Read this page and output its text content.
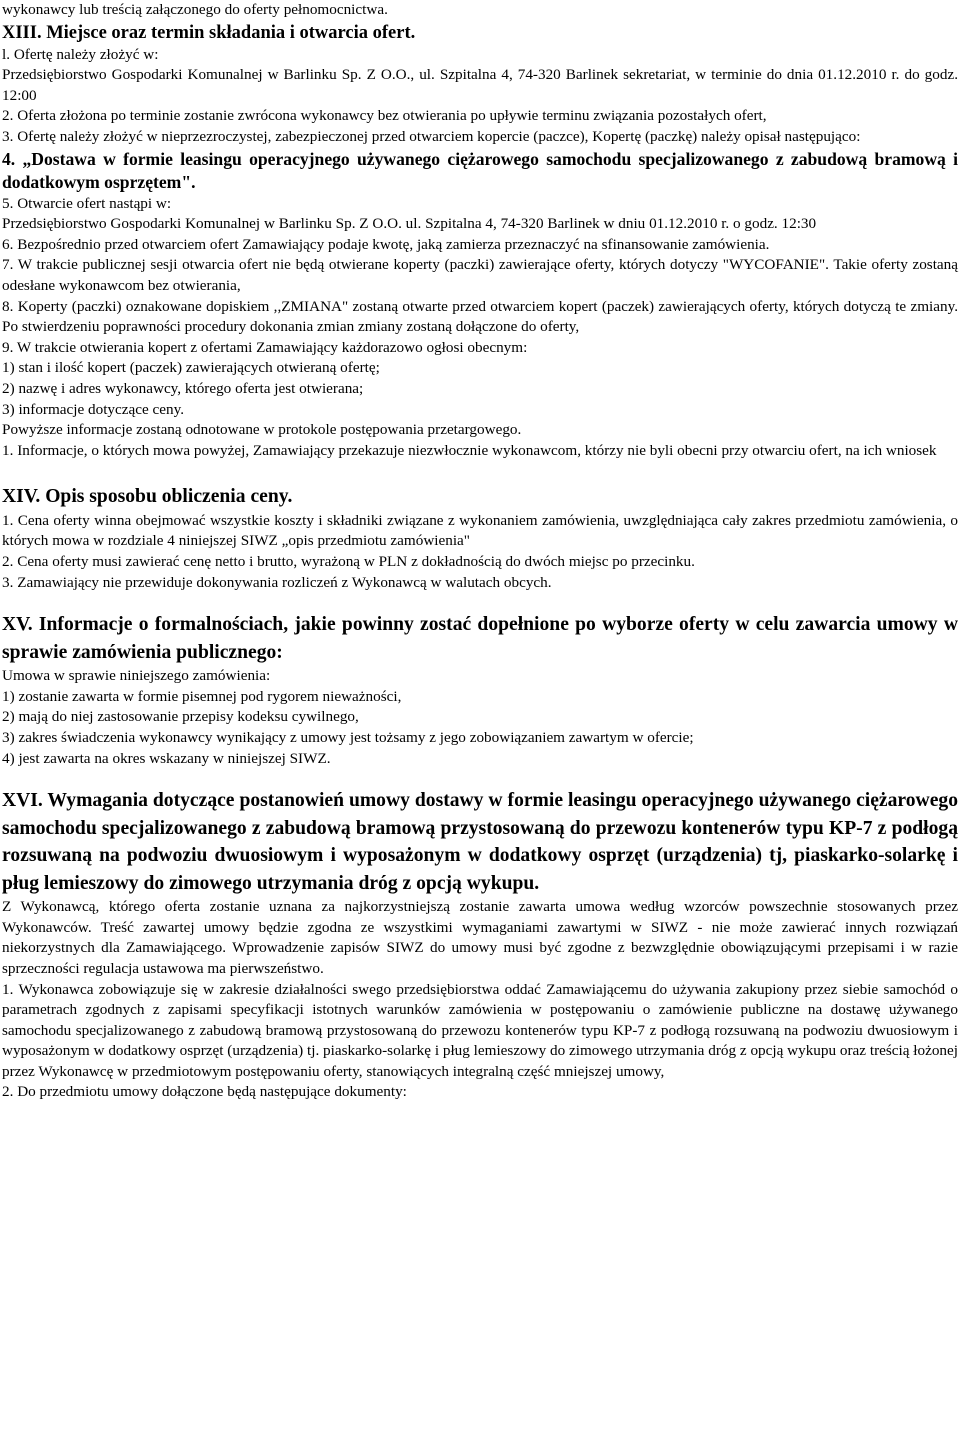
wykonawcy lub treścią załączonego do oferty pełnomocnictwa.

XIII. Miejsce oraz termin składania i otwarcia ofert.

l. Ofertę należy złożyć w:

Przedsiębiorstwo Gospodarki Komunalnej w Barlinku Sp. Z O.O., ul. Szpitalna 4, 74-320 Barlinek sekretariat, w terminie do dnia 01.12.2010 r. do godz. 12:00

2. Oferta złożona po terminie zostanie zwrócona wykonawcy bez otwierania po upływie terminu związania pozostałych ofert,

3. Ofertę należy złożyć w nieprzezroczystej, zabezpieczonej przed otwarciem kopercie (paczce), Kopertę (paczkę) należy opisał następująco:

4. „Dostawa w formie leasingu operacyjnego używanego ciężarowego samochodu specjalizowanego z zabudową bramową i dodatkowym osprzętem".

5. Otwarcie ofert nastąpi w:

Przedsiębiorstwo Gospodarki Komunalnej w Barlinku Sp. Z O.O. ul. Szpitalna 4, 74-320 Barlinek w dniu 01.12.2010 r. o godz. 12:30

6. Bezpośrednio przed otwarciem ofert Zamawiający podaje kwotę, jaką zamierza przeznaczyć na sfinansowanie zamówienia.

7. W trakcie publicznej sesji otwarcia ofert nie będą otwierane koperty (paczki) zawierające oferty, których dotyczy "WYCOFANIE". Takie oferty zostaną odesłane wykonawcom bez otwierania,

8. Koperty (paczki) oznakowane dopiskiem ,,ZMIANA" zostaną otwarte przed otwarciem kopert (paczek) zawierających oferty, których dotyczą te zmiany. Po stwierdzeniu poprawności procedury dokonania zmian zmiany zostaną dołączone do oferty,

9. W trakcie otwierania kopert z ofertami Zamawiający każdorazowo ogłosi obecnym:

1) stan i ilość kopert (paczek) zawierających otwieraną ofertę;

2) nazwę i adres wykonawcy, którego oferta jest otwierana;

3) informacje dotyczące ceny.

Powyższe informacje zostaną odnotowane w protokole postępowania przetargowego.

1. Informacje, o których mowa powyżej, Zamawiający przekazuje niezwłocznie wykonawcom, którzy nie byli obecni przy otwarciu ofert, na ich wniosek

XIV. Opis sposobu obliczenia ceny.

1. Cena oferty winna obejmować wszystkie koszty i składniki związane z wykonaniem zamówienia, uwzględniająca cały zakres przedmiotu zamówienia, o których mowa w rozdziale 4 niniejszej SIWZ „opis przedmiotu zamówienia"

2. Cena oferty musi zawierać cenę netto i brutto, wyrażoną w PLN z dokładnością do dwóch miejsc po przecinku.

3. Zamawiający nie przewiduje dokonywania rozliczeń z Wykonawcą w walutach obcych.

XV. Informacje o formalnościach, jakie powinny zostać dopełnione po wyborze oferty w celu zawarcia umowy w sprawie zamówienia publicznego:

Umowa w sprawie niniejszego zamówienia:

1) zostanie zawarta w formie pisemnej pod rygorem nieważności,

2) mają do niej zastosowanie przepisy kodeksu cywilnego,

3) zakres świadczenia wykonawcy wynikający z umowy jest tożsamy z jego zobowiązaniem zawartym w ofercie;

4) jest zawarta na okres wskazany w niniejszej SIWZ.

XVI. Wymagania dotyczące postanowień umowy dostawy w formie leasingu operacyjnego używanego ciężarowego samochodu specjalizowanego z zabudową bramową przystosowaną do przewozu kontenerów typu KP-7 z podłogą rozsuwaną na podwoziu dwuosiowym i wyposażonym w dodatkowy osprzęt (urządzenia) tj, piaskarko-solarkę i pług lemieszowy do zimowego utrzymania dróg z opcją wykupu.

Z Wykonawcą, którego oferta zostanie uznana za najkorzystniejszą zostanie zawarta umowa według wzorców powszechnie stosowanych przez Wykonawców. Treść zawartej umowy będzie zgodna ze wszystkimi wymaganiami zawartymi w SIWZ - nie może zawierać innych rozwiązań niekorzystnych dla Zamawiającego. Wprowadzenie zapisów SIWZ do umowy musi być zgodne z bezwzględnie obowiązującymi przepisami i w razie sprzeczności regulacja ustawowa ma pierwszeństwo.

1. Wykonawca zobowiązuje się w zakresie działalności swego przedsiębiorstwa oddać Zamawiającemu do używania zakupiony przez siebie samochód o parametrach zgodnych z zapisami specyfikacji istotnych warunków zamówienia w postępowaniu o zamówienie publiczne na dostawę używanego samochodu specjalizowanego z zabudową bramową przystosowaną do przewozu kontenerów typu KP-7 z podłogą rozsuwaną na podwoziu dwuosiowym i wyposażonym w dodatkowy osprzęt (urządzenia) tj. piaskarko-solarkę i pług lemieszowy do zimowego utrzymania dróg z opcją wykupu oraz treścią łożonej przez Wykonawcę w przedmiotowym postępowaniu oferty, stanowiących integralną część mniejszej umowy,

2. Do przedmiotu umowy dołączone będą następujące dokumenty:
